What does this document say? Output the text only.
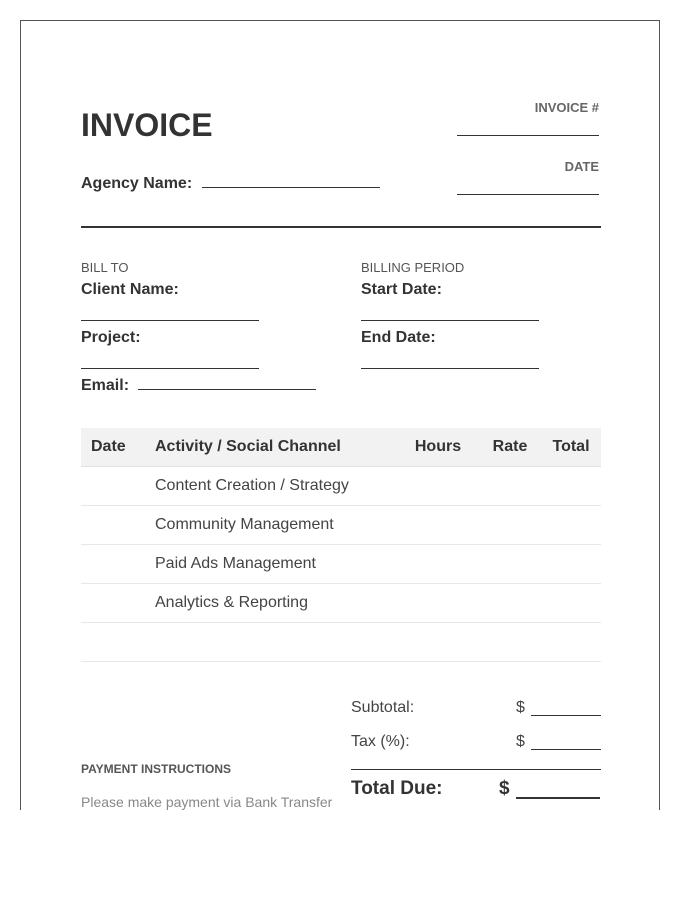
INVOICE
Agency Name:
INVOICE #
DATE
BILL TO
Client Name:
Project:
Email:
BILLING PERIOD
Start Date:
End Date:
Date	Activity / Social Channel	Hours	Rate	Total
	Content Creation / Strategy			
	Community Management			
	Paid Ads Management			
	Analytics & Reporting			

Subtotal:	$
Tax (%):	$
Total Due:	$
PAYMENT INSTRUCTIONS
Please make payment via Bank Transfer
